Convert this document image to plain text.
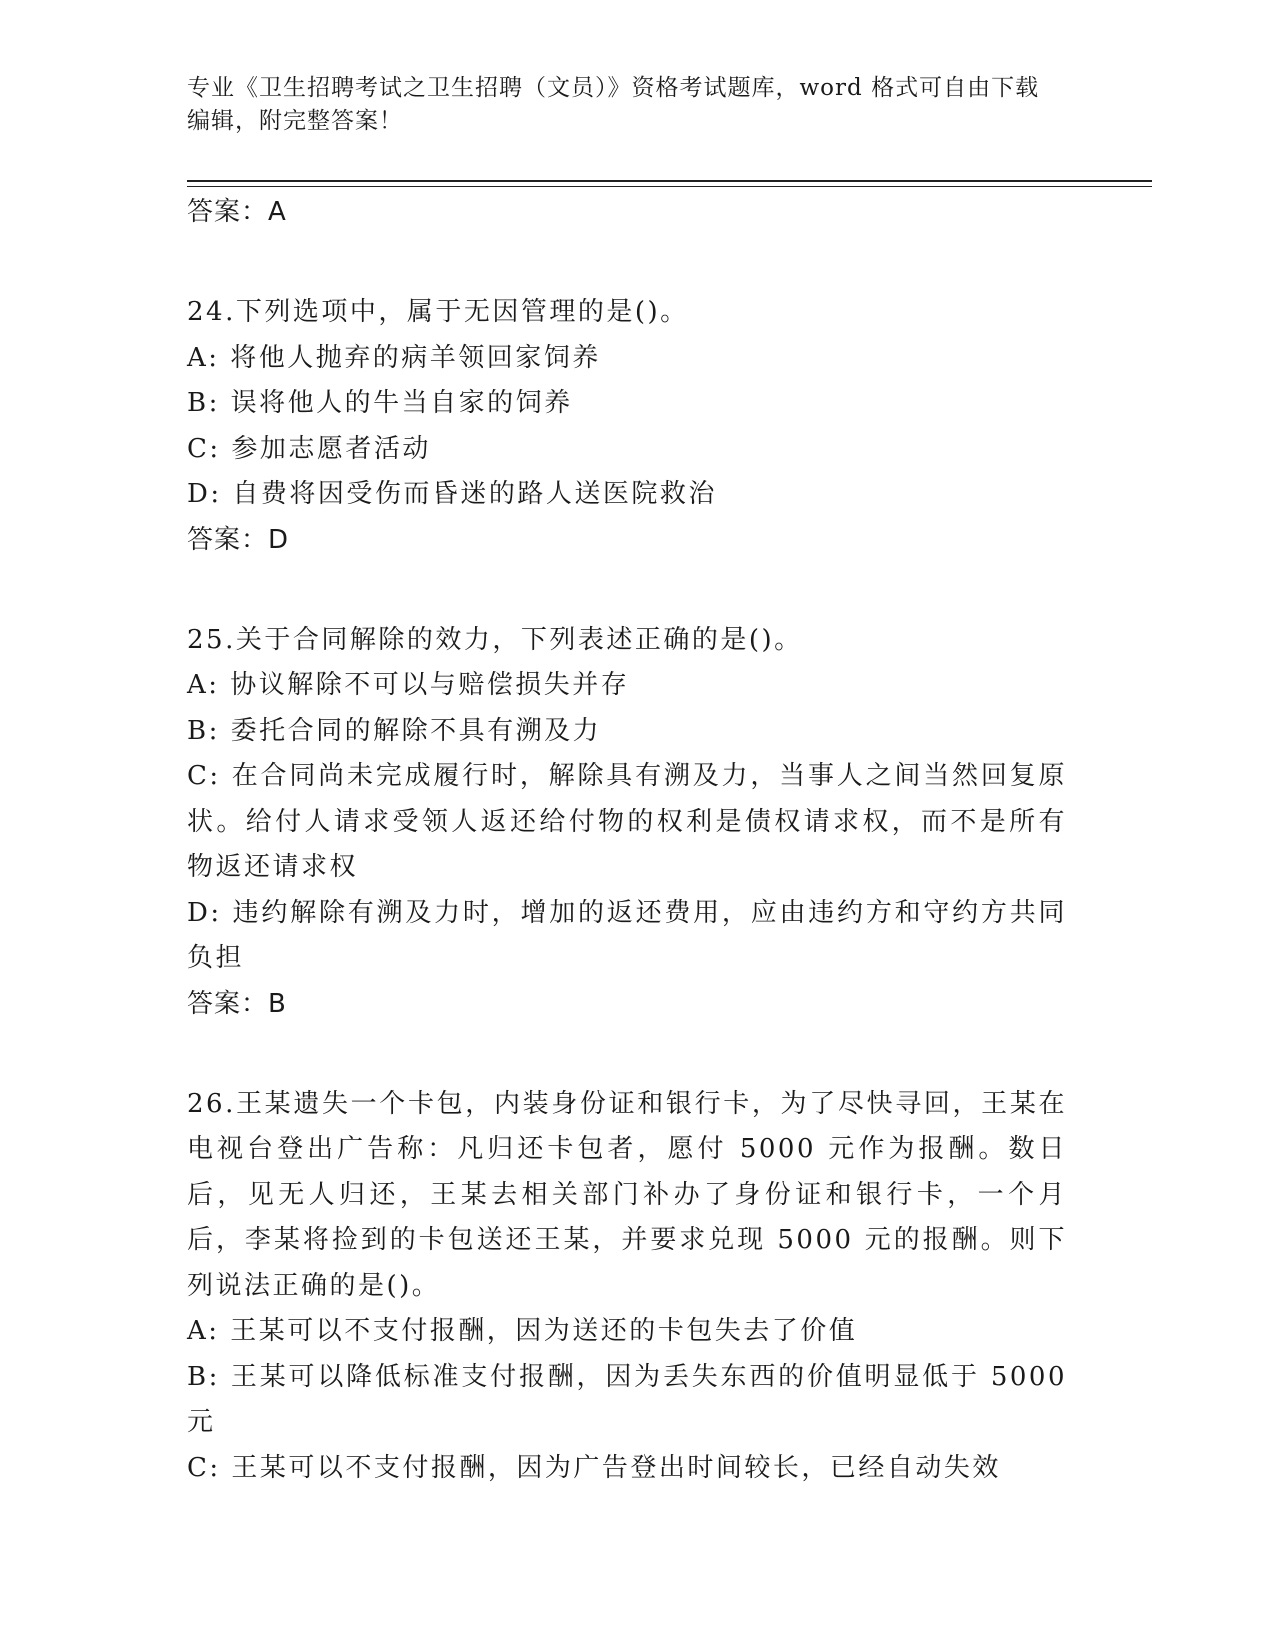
专业《卫生招聘考试之卫生招聘（文员）》资格考试题库，word 格式可自由下载
编辑，附完整答案！
答案：A
24.下列选项中，属于无因管理的是()。
A: 将他人抛弃的病羊领回家饲养
B: 误将他人的牛当自家的饲养
C: 参加志愿者活动
D: 自费将因受伤而昏迷的路人送医院救治
答案：D
25.关于合同解除的效力，下列表述正确的是()。
A: 协议解除不可以与赔偿损失并存
B: 委托合同的解除不具有溯及力
C: 在合同尚未完成履行时，解除具有溯及力，当事人之间当然回复原状。给付人请求受领人返还给付物的权利是债权请求权，而不是所有物返还请求权
D: 违约解除有溯及力时，增加的返还费用，应由违约方和守约方共同负担
答案：B
26.王某遗失一个卡包，内装身份证和银行卡，为了尽快寻回，王某在电视台登出广告称：凡归还卡包者，愿付 5000 元作为报酬。数日后，见无人归还，王某去相关部门补办了身份证和银行卡，一个月后，李某将捡到的卡包送还王某，并要求兑现 5000 元的报酬。则下列说法正确的是()。
A: 王某可以不支付报酬，因为送还的卡包失去了价值
B: 王某可以降低标准支付报酬，因为丢失东西的价值明显低于 5000 元
C: 王某可以不支付报酬，因为广告登出时间较长，已经自动失效
